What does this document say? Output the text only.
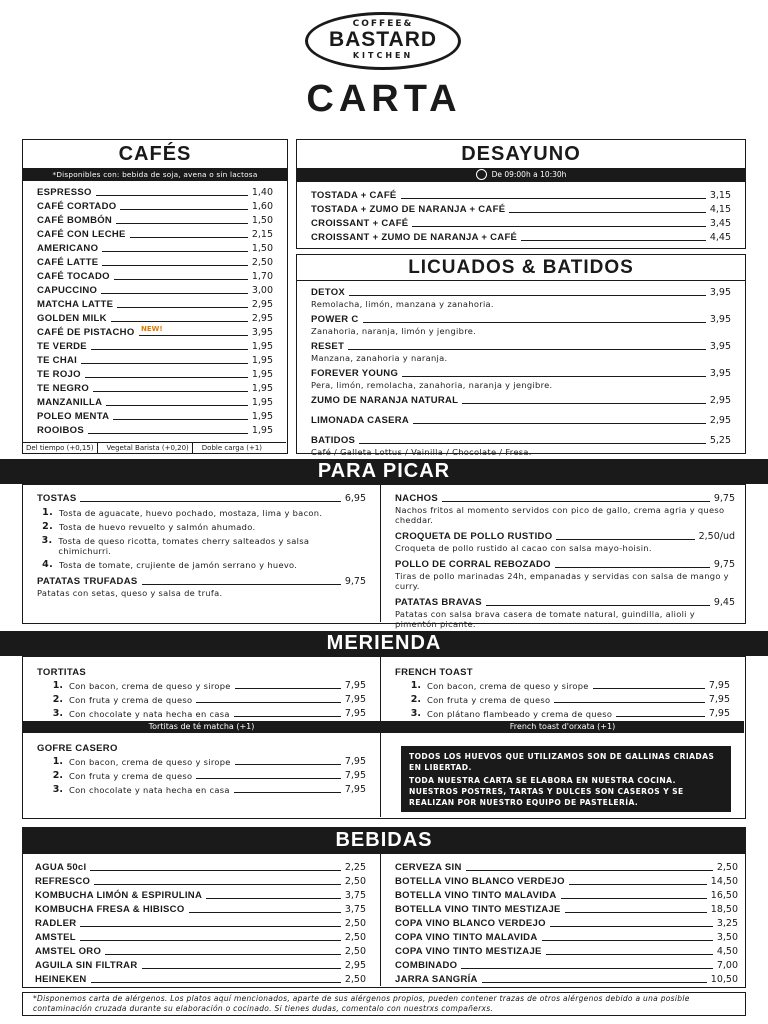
COFFEE&
BASTARD
KITCHEN
CARTA
CAFÉS
*Disponibles con: bebida de soja, avena o sin lactosa
ESPRESSO	1,40
CAFÉ CORTADO	1,60
CAFÉ BOMBÓN	1,50
CAFÉ CON LECHE	2,15
AMERICANO	1,50
CAFÉ LATTE	2,50
CAFÉ TOCADO	1,70
CAPUCCINO	3,00
MATCHA LATTE	2,95
GOLDEN MILK	2,95
CAFÉ DE PISTACHO	3,95
TE VERDE	1,95
TE CHAI	1,95
TE ROJO	1,95
TE NEGRO	1,95
MANZANILLA	1,95
POLEO MENTA	1,95
ROOIBOS	1,95
Del tiempo (+0,15)	Vegetal Barista (+0,20)	Doble carga (+1)
NEW!
DESAYUNO
De 09:00h a 10:30h
TOSTADA + CAFÉ	3,15
TOSTADA + ZUMO DE NARANJA + CAFÉ	4,15
CROISSANT + CAFÉ	3,45
CROISSANT + ZUMO DE NARANJA + CAFÉ	4,45
LICUADOS & BATIDOS
DETOX	3,95
Remolacha, limón, manzana y zanahoria.
POWER C	3,95
Zanahoria, naranja, limón y jengibre.
RESET	3,95
Manzana, zanahoria y naranja.
FOREVER YOUNG	3,95
Pera, limón, remolacha, zanahoria, naranja y jengibre.
ZUMO DE NARANJA NATURAL	2,95
LIMONADA CASERA	2,95
BATIDOS	5,25
Café / Galleta Lottus / Vainilla / Chocolate / Fresa.
PARA PICAR
TOSTAS	6,95
1. Tosta de aguacate, huevo pochado, mostaza, lima y bacon.
2. Tosta de huevo revuelto y salmón ahumado.
3. Tosta de queso ricotta, tomates cherry salteados y salsa chimichurri.
4. Tosta de tomate, crujiente de jamón serrano y huevo.
PATATAS TRUFADAS	9,75
Patatas con setas, queso y salsa de trufa.
NACHOS	9,75
Nachos fritos al momento servidos con pico de gallo, crema agria y queso cheddar.
CROQUETA DE POLLO RUSTIDO	2,50/ud
Croqueta de pollo rustido al cacao con salsa mayo-hoisin.
POLLO DE CORRAL REBOZADO	9,75
Tiras de pollo marinadas 24h, empanadas y servidas con salsa de mango y curry.
PATATAS BRAVAS	9,45
Patatas con salsa brava casera de tomate natural, guindilla, alioli y pimentón picante.
MERIENDA
TORTITAS
1. Con bacon, crema de queso y sirope	7,95
2. Con fruta y crema de queso	7,95
3. Con chocolate y nata hecha en casa	7,95
Tortitas de té matcha (+1)
GOFRE CASERO
1. Con bacon, crema de queso y sirope	7,95
2. Con fruta y crema de queso	7,95
3. Con chocolate y nata hecha en casa	7,95
FRENCH TOAST
1. Con bacon, crema de queso y sirope	7,95
2. Con fruta y crema de queso	7,95
3. Con plátano flambeado y crema de queso	7,95
French toast d'orxata (+1)
TODOS LOS HUEVOS QUE UTILIZAMOS SON DE GALLINAS CRIADAS EN LIBERTAD.
TODA NUESTRA CARTA SE ELABORA EN NUESTRA COCINA. NUESTROS POSTRES, TARTAS Y DULCES SON CASEROS Y SE REALIZAN POR NUESTRO EQUIPO DE PASTELERÍA.
BEBIDAS
AGUA 50cl	2,25
REFRESCO	2,50
KOMBUCHA LIMÓN & ESPIRULINA	3,75
KOMBUCHA FRESA & HIBISCO	3,75
RADLER	2,50
AMSTEL	2,50
AMSTEL ORO	2,50
AGUILA SIN FILTRAR	2,95
HEINEKEN	2,50
CERVEZA SIN	2,50
BOTELLA VINO BLANCO VERDEJO	14,50
BOTELLA VINO TINTO MALAVIDA	16,50
BOTELLA VINO TINTO MESTIZAJE	18,50
COPA VINO BLANCO VERDEJO	3,25
COPA VINO TINTO MALAVIDA	3,50
COPA VINO TINTO MESTIZAJE	4,50
COMBINADO	7,00
JARRA SANGRÍA	10,50
*Disponemos carta de alérgenos. Los platos aquí mencionados, aparte de sus alérgenos propios, pueden contener trazas de otros alérgenos debido a una posible contaminación cruzada durante su elaboración o cocinado. Si tienes dudas, comentalo con nuestrxs compañerxs.
